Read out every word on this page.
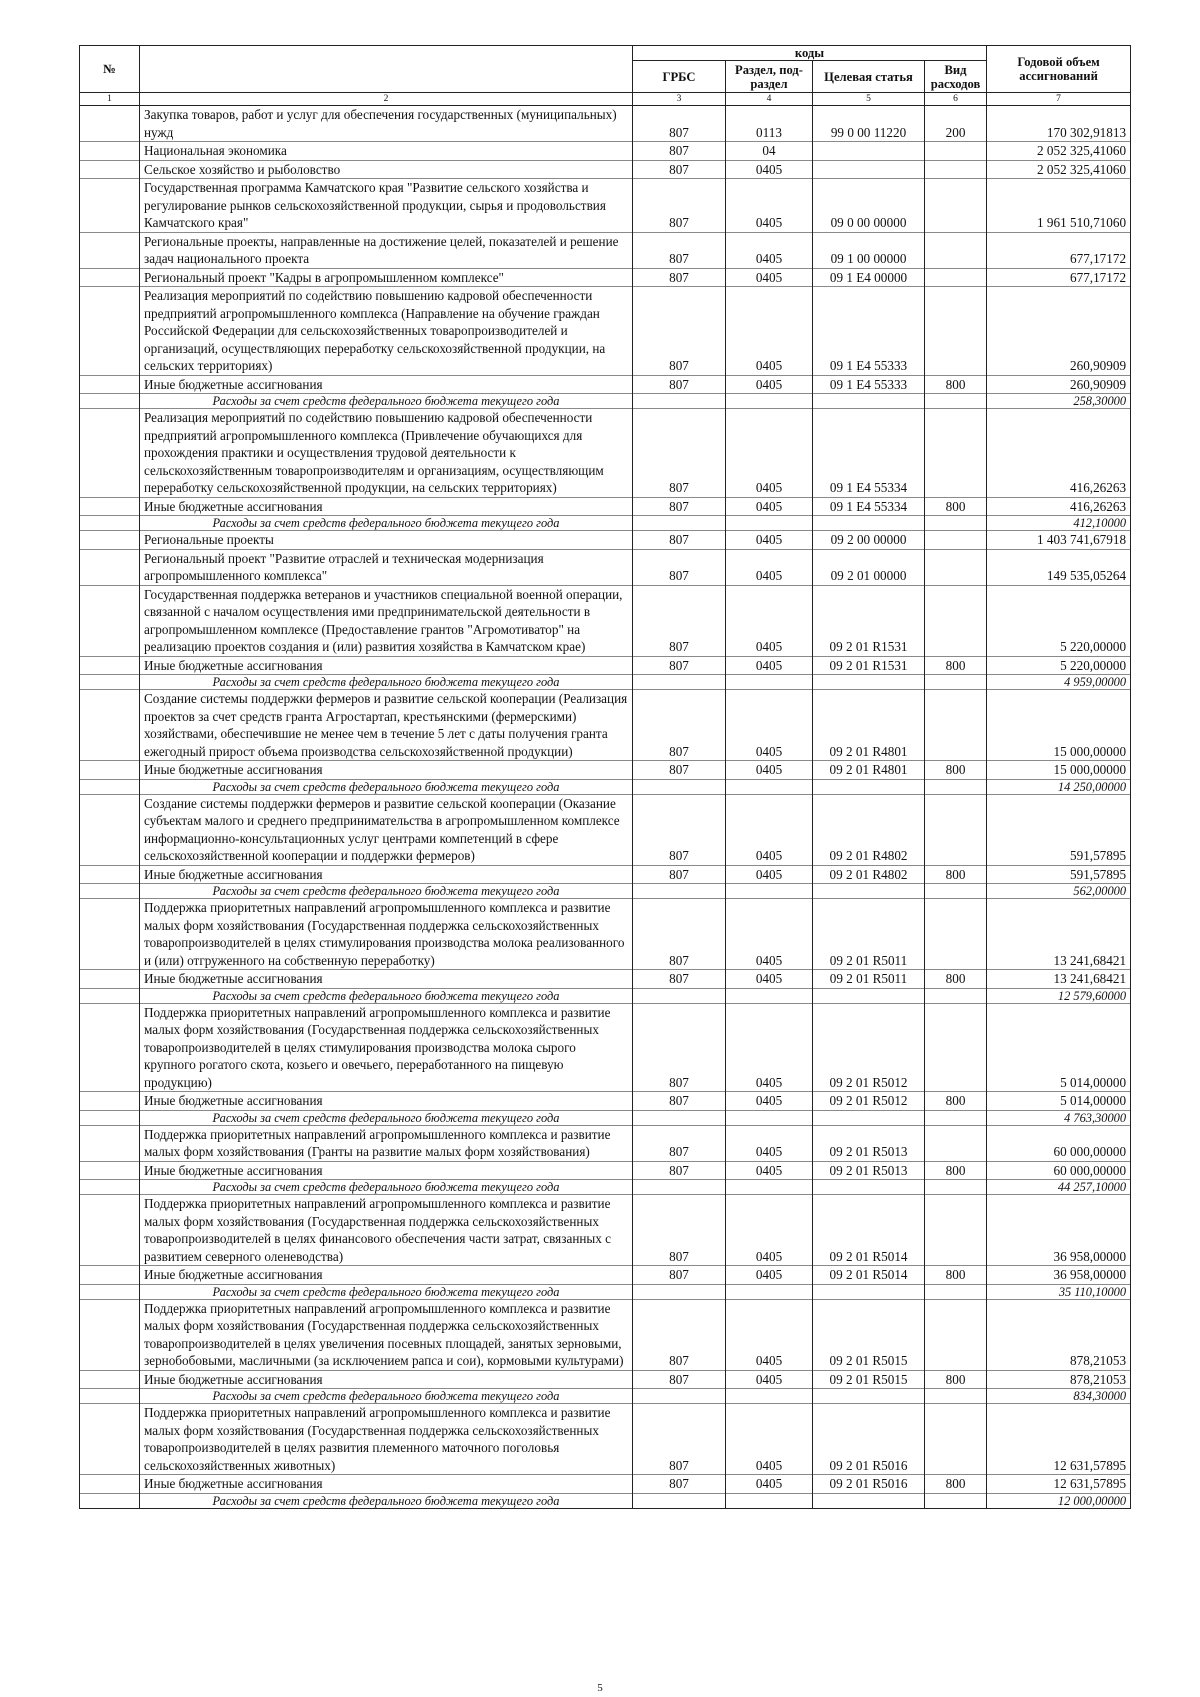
№		коды				Годовой объем ассигнований
		ГРБС	Раздел, под-раздел	Целевая статья	Вид расходов	
1	2	3	4	5	6	7
	Закупка товаров, работ и услуг для обеспечения государственных (муниципальных) нужд	807	0113	99 0 00 11220	200	170 302,91813
	Национальная экономика	807	04			2 052 325,41060
	Сельское хозяйство и рыболовство	807	0405			2 052 325,41060
	Государственная программа Камчатского края "Развитие сельского хозяйства и регулирование рынков сельскохозяйственной продукции, сырья и продовольствия Камчатского края"	807	0405	09 0 00 00000		1 961 510,71060
	Региональные проекты, направленные на достижение целей, показателей и решение задач национального проекта	807	0405	09 1 00 00000		677,17172
	Региональный проект "Кадры в агропромышленном комплексе"	807	0405	09 1 E4 00000		677,17172
	Реализация мероприятий по содействию повышению кадровой обеспеченности предприятий агропромышленного комплекса (Направление на обучение граждан Российской Федерации для сельскохозяйственных товаропроизводителей и организаций, осуществляющих переработку сельскохозяйственной продукции, на сельских территориях)	807	0405	09 1 E4 55333		260,90909
	Иные бюджетные ассигнования	807	0405	09 1 E4 55333	800	260,90909
	Расходы за счет средств федерального бюджета текущего года					258,30000
	Реализация мероприятий по содействию повышению кадровой обеспеченности предприятий агропромышленного комплекса (Привлечение обучающихся для прохождения практики и осуществления трудовой деятельности к сельскохозяйственным товаропроизводителям и организациям, осуществляющим переработку сельскохозяйственной продукции, на сельских территориях)	807	0405	09 1 E4 55334		416,26263
	Иные бюджетные ассигнования	807	0405	09 1 E4 55334	800	416,26263
	Расходы за счет средств федерального бюджета текущего года					412,10000
	Региональные проекты	807	0405	09 2 00 00000		1 403 741,67918
	Региональный проект "Развитие отраслей и техническая модернизация агропромышленного комплекса"	807	0405	09 2 01 00000		149 535,05264
	Государственная поддержка ветеранов и участников специальной военной операции, связанной с началом осуществления ими предпринимательской деятельности в агропромышленном комплексе (Предоставление грантов "Агромотиватор" на реализацию проектов создания и (или) развития хозяйства в Камчатском крае)	807	0405	09 2 01 R1531		5 220,00000
	Иные бюджетные ассигнования	807	0405	09 2 01 R1531	800	5 220,00000
	Расходы за счет средств федерального бюджета текущего года					4 959,00000
	Создание системы поддержки фермеров и развитие сельской кооперации (Реализация проектов за счет средств гранта Агростартап, крестьянскими (фермерскими) хозяйствами, обеспечившие не менее чем в течение 5 лет с даты получения гранта ежегодный прирост объема производства сельскохозяйственной продукции)	807	0405	09 2 01 R4801		15 000,00000
	Иные бюджетные ассигнования	807	0405	09 2 01 R4801	800	15 000,00000
	Расходы за счет средств федерального бюджета текущего года					14 250,00000
	Создание системы поддержки фермеров и развитие сельской кооперации (Оказание субъектам малого и среднего предпринимательства в агропромышленном комплексе информационно-консультационных услуг центрами компетенций в сфере сельскохозяйственной кооперации и поддержки фермеров)	807	0405	09 2 01 R4802		591,57895
	Иные бюджетные ассигнования	807	0405	09 2 01 R4802	800	591,57895
	Расходы за счет средств федерального бюджета текущего года					562,00000
	Поддержка приоритетных направлений агропромышленного комплекса и развитие малых форм хозяйствования (Государственная поддержка сельскохозяйственных товаропроизводителей в целях стимулирования производства молока реализованного и (или) отгруженного на собственную переработку)	807	0405	09 2 01 R5011		13 241,68421
	Иные бюджетные ассигнования	807	0405	09 2 01 R5011	800	13 241,68421
	Расходы за счет средств федерального бюджета текущего года					12 579,60000
	Поддержка приоритетных направлений агропромышленного комплекса и развитие малых форм хозяйствования (Государственная поддержка сельскохозяйственных товаропроизводителей в целях стимулирования производства молока сырого крупного рогатого скота, козьего и овечьего, переработанного на пищевую продукцию)	807	0405	09 2 01 R5012		5 014,00000
	Иные бюджетные ассигнования	807	0405	09 2 01 R5012	800	5 014,00000
	Расходы за счет средств федерального бюджета текущего года					4 763,30000
	Поддержка приоритетных направлений агропромышленного комплекса и развитие малых форм хозяйствования (Гранты на развитие малых форм хозяйствования)	807	0405	09 2 01 R5013		60 000,00000
	Иные бюджетные ассигнования	807	0405	09 2 01 R5013	800	60 000,00000
	Расходы за счет средств федерального бюджета текущего года					44 257,10000
	Поддержка приоритетных направлений агропромышленного комплекса и развитие малых форм хозяйствования (Государственная поддержка сельскохозяйственных товаропроизводителей в целях финансового обеспечения части затрат, связанных с развитием северного оленеводства)	807	0405	09 2 01 R5014		36 958,00000
	Иные бюджетные ассигнования	807	0405	09 2 01 R5014	800	36 958,00000
	Расходы за счет средств федерального бюджета текущего года					35 110,10000
	Поддержка приоритетных направлений агропромышленного комплекса и развитие малых форм хозяйствования (Государственная поддержка сельскохозяйственных товаропроизводителей в целях увеличения посевных площадей, занятых зерновыми, зернобобовыми, масличными (за исключением рапса и сои), кормовыми культурами)	807	0405	09 2 01 R5015		878,21053
	Иные бюджетные ассигнования	807	0405	09 2 01 R5015	800	878,21053
	Расходы за счет средств федерального бюджета текущего года					834,30000
	Поддержка приоритетных направлений агропромышленного комплекса и развитие малых форм хозяйствования (Государственная поддержка сельскохозяйственных товаропроизводителей в целях развития племенного маточного поголовья сельскохозяйственных животных)	807	0405	09 2 01 R5016		12 631,57895
	Иные бюджетные ассигнования	807	0405	09 2 01 R5016	800	12 631,57895
	Расходы за счет средств федерального бюджета текущего года					12 000,00000
5
